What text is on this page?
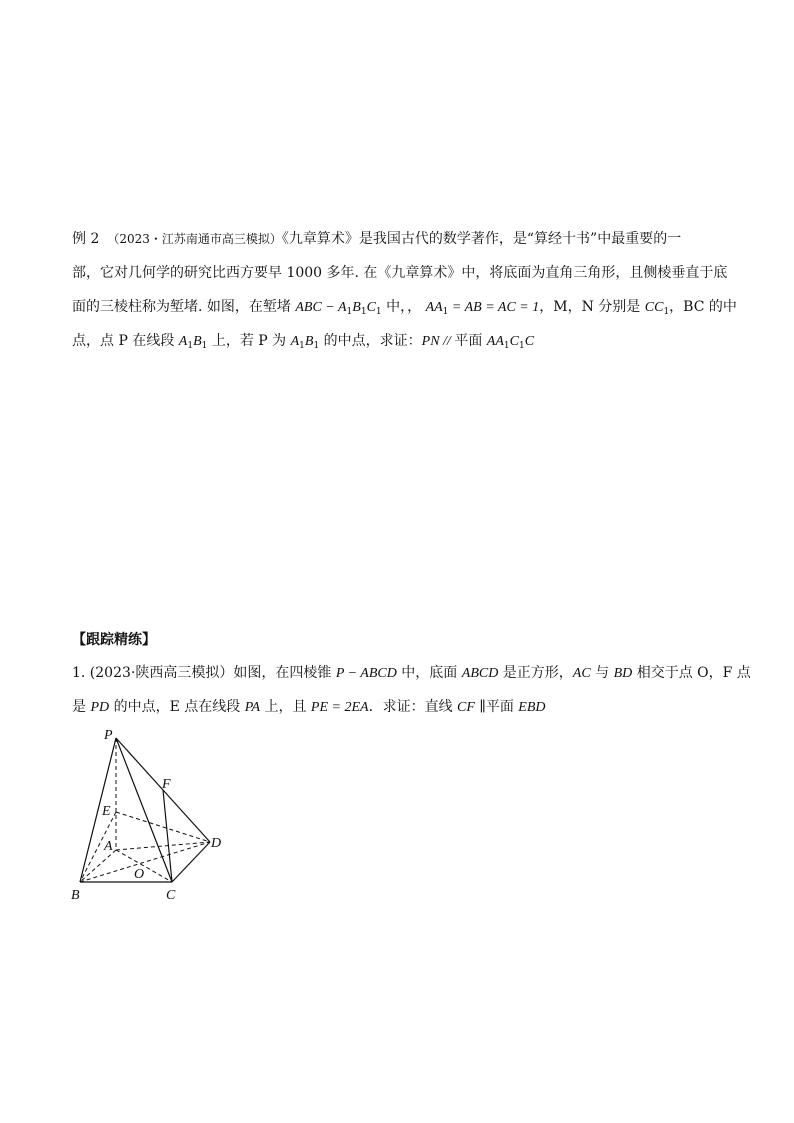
例 2　（2023・江苏南通市高三模拟）《九章算术》是我国古代的数学著作，是“算经十书”中最重要的一
部，它对几何学的研究比西方要早 1000 多年. 在《九章算术》中，将底面为直角三角形，且侧棱垂直于底
面的三棱柱称为堑堵. 如图，在堑堵 ABC − $A_1B_1C_1$ 中，， $AA_1$ = AB = AC = 1，M，N 分别是 $CC_1$，BC 的中
点，点 P 在线段 $A_1B_1$ 上，若 P 为 $A_1B_1$ 的中点，求证：PN // 平面 $AA_1C_1C$
【跟踪精练】
1. (2023·陕西高三模拟）如图，在四棱锥 P − ABCD 中，底面 ABCD 是正方形，AC 与 BD 相交于点 O，F 点
是 PD 的中点，E 点在线段 PA 上，且 PE = 2EA．求证：直线 CF ∥平面 EBD
P
F
E
A	D
O
B	C
